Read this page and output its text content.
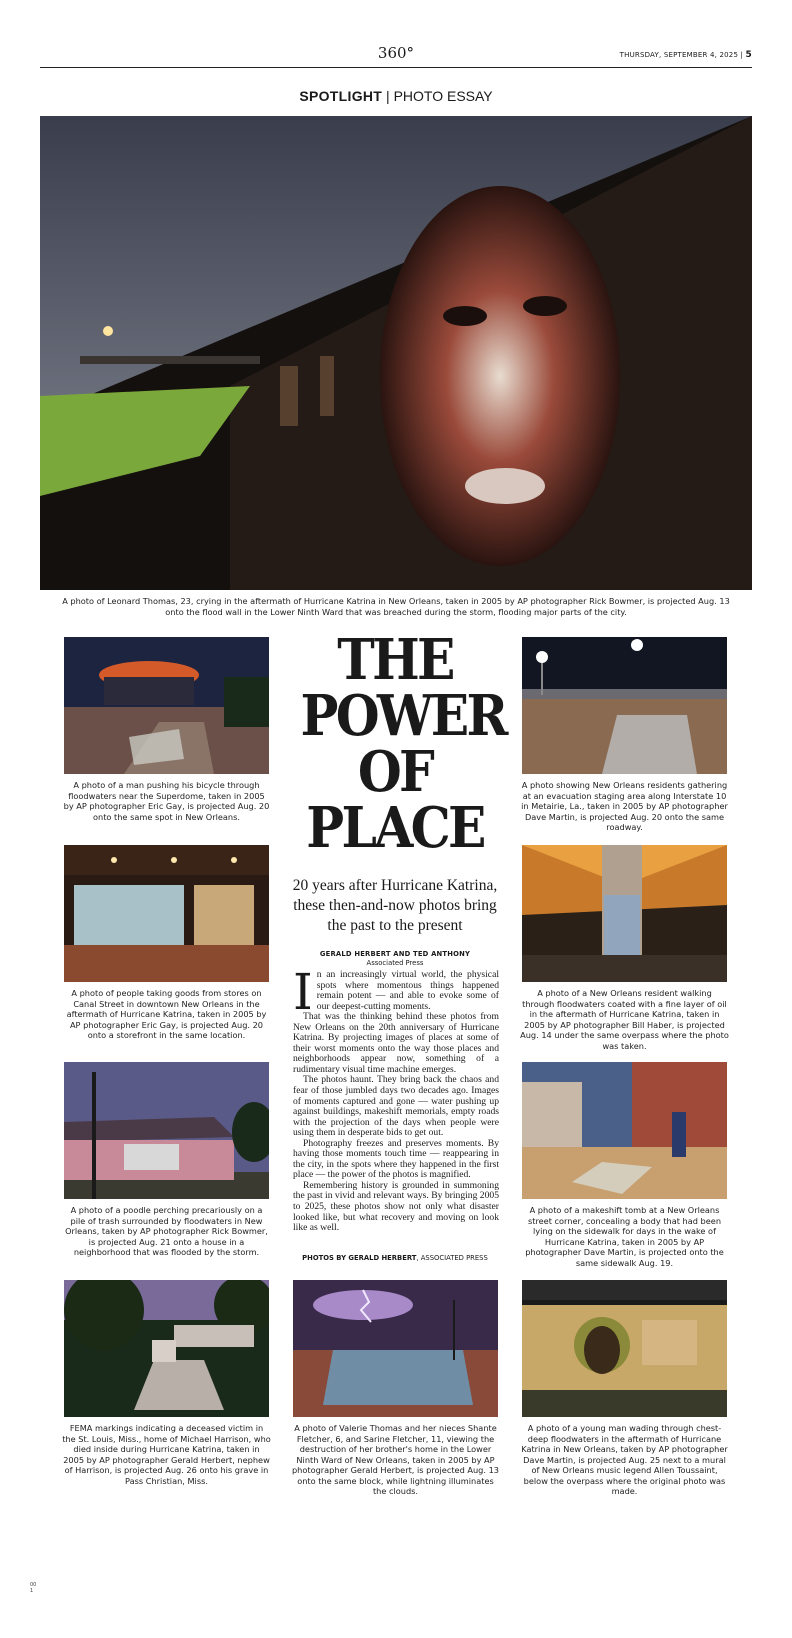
360°	THURSDAY, SEPTEMBER 4, 2025 | 5
SPOTLIGHT | PHOTO ESSAY
A photo of Leonard Thomas, 23, crying in the aftermath of Hurricane Katrina in New Orleans, taken in 2005 by AP photographer Rick Bowmer, is projected Aug. 13 onto the flood wall in the Lower Ninth Ward that was breached during the storm, flooding major parts of the city.
A photo of a man pushing his bicycle through floodwaters near the Superdome, taken in 2005 by AP photographer Eric Gay, is projected Aug. 20 onto the same spot in New Orleans.
A photo of people taking goods from stores on Canal Street in downtown New Orleans in the aftermath of Hurricane Katrina, taken in 2005 by AP photographer Eric Gay, is projected Aug. 20 onto a storefront in the same location.
A photo of a poodle perching precariously on a pile of trash surrounded by floodwaters in New Orleans, taken by AP photographer Rick Bowmer, is projected Aug. 21 onto a house in a neighborhood that was flooded by the storm.
A photo showing New Orleans residents gathering at an evacuation staging area along Interstate 10 in Metairie, La., taken in 2005 by AP photographer Dave Martin, is projected Aug. 20 onto the same roadway.
A photo of a New Orleans resident walking through floodwaters coated with a fine layer of oil in the aftermath of Hurricane Katrina, taken in 2005 by AP photographer Bill Haber, is projected Aug. 14 under the same overpass where the photo was taken.
A photo of a makeshift tomb at a New Orleans street corner, concealing a body that had been lying on the sidewalk for days in the wake of Hurricane Katrina, taken in 2005 by AP photographer Dave Martin, is projected onto the same sidewalk Aug. 19.
THE
POWER
OF
PLACE
20 years after Hurricane Katrina, these then-and-now photos bring the past to the present
GERALD HERBERT AND TED ANTHONY
Associated Press

In an increasingly virtual world, the physical spots where momentous things happened remain potent — and able to evoke some of our deepest-cutting moments.

That was the thinking behind these photos from New Orleans on the 20th anniversary of Hurricane Katrina. By projecting images of places at some of their worst moments onto the way those places and neighborhoods appear now, something of a rudimentary visual time machine emerges.

The photos haunt. They bring back the chaos and fear of those jumbled days two decades ago. Images of moments captured and gone — water pushing up against buildings, makeshift memorials, empty roads with the projection of the days when people were using them in desperate bids to get out.

Photography freezes and preserves moments. By having those moments touch time — reappearing in the city, in the spots where they happened in the first place — the power of the photos is magnified.

Remembering history is grounded in summoning the past in vivid and relevant ways. By bringing 2005 to 2025, these photos show not only what disaster looked like, but what recovery and moving on look like as well.

PHOTOS BY GERALD HERBERT, ASSOCIATED PRESS
FEMA markings indicating a deceased victim in the St. Louis, Miss., home of Michael Harrison, who died inside during Hurricane Katrina, taken in 2005 by AP photographer Gerald Herbert, nephew of Harrison, is projected Aug. 26 onto his grave in Pass Christian, Miss.
A photo of Valerie Thomas and her nieces Shante Fletcher, 6, and Sarine Fletcher, 11, viewing the destruction of her brother's home in the Lower Ninth Ward of New Orleans, taken in 2005 by AP photographer Gerald Herbert, is projected Aug. 13 onto the same block, while lightning illuminates the clouds.
A photo of a young man wading through chest-deep floodwaters in the aftermath of Hurricane Katrina in New Orleans, taken by AP photographer Dave Martin, is projected Aug. 25 next to a mural of New Orleans music legend Allen Toussaint, below the overpass where the original photo was made.
00
1
